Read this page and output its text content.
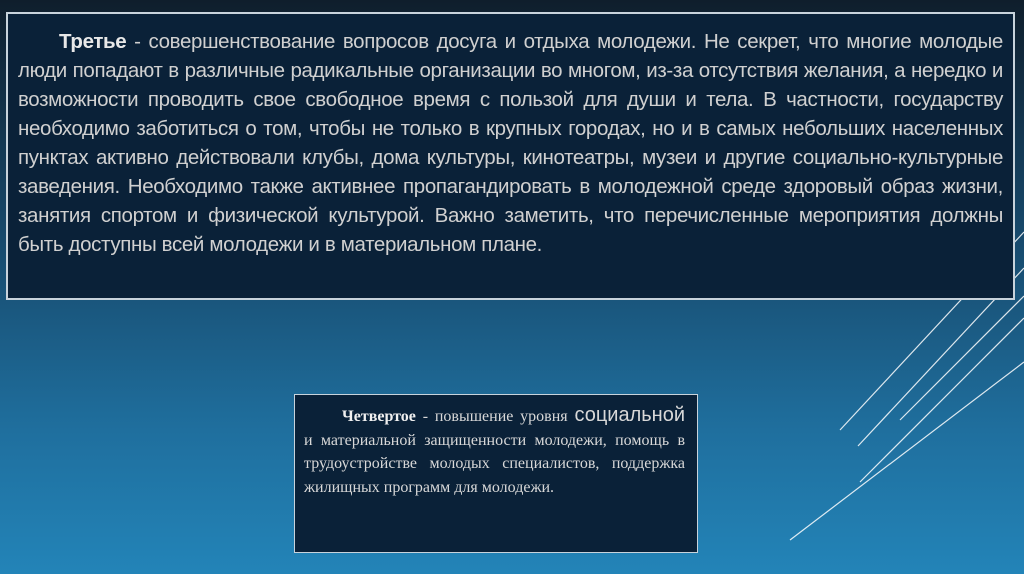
Третье - совершенствование вопросов досуга и отдыха молодежи. Не секрет, что многие молодые люди попадают в различные радикальные организации во многом, из-за отсутствия желания, а нередко и возможности проводить свое свободное время с пользой для души и тела. В частности, государству необходимо заботиться о том, чтобы не только в крупных городах, но и в самых небольших населенных пунктах активно действовали клубы, дома культуры, кинотеатры, музеи и другие социально-культурные заведения. Необходимо также активнее пропагандировать в молодежной среде здоровый образ жизни, занятия спортом и физической культурой. Важно заметить, что перечисленные мероприятия должны быть доступны всей молодежи и в материальном плане.

Четвертое - повышение уровня социальной и материальной защищенности молодежи, помощь в трудоустройстве молодых специалистов, поддержка жилищных программ для молодежи.
